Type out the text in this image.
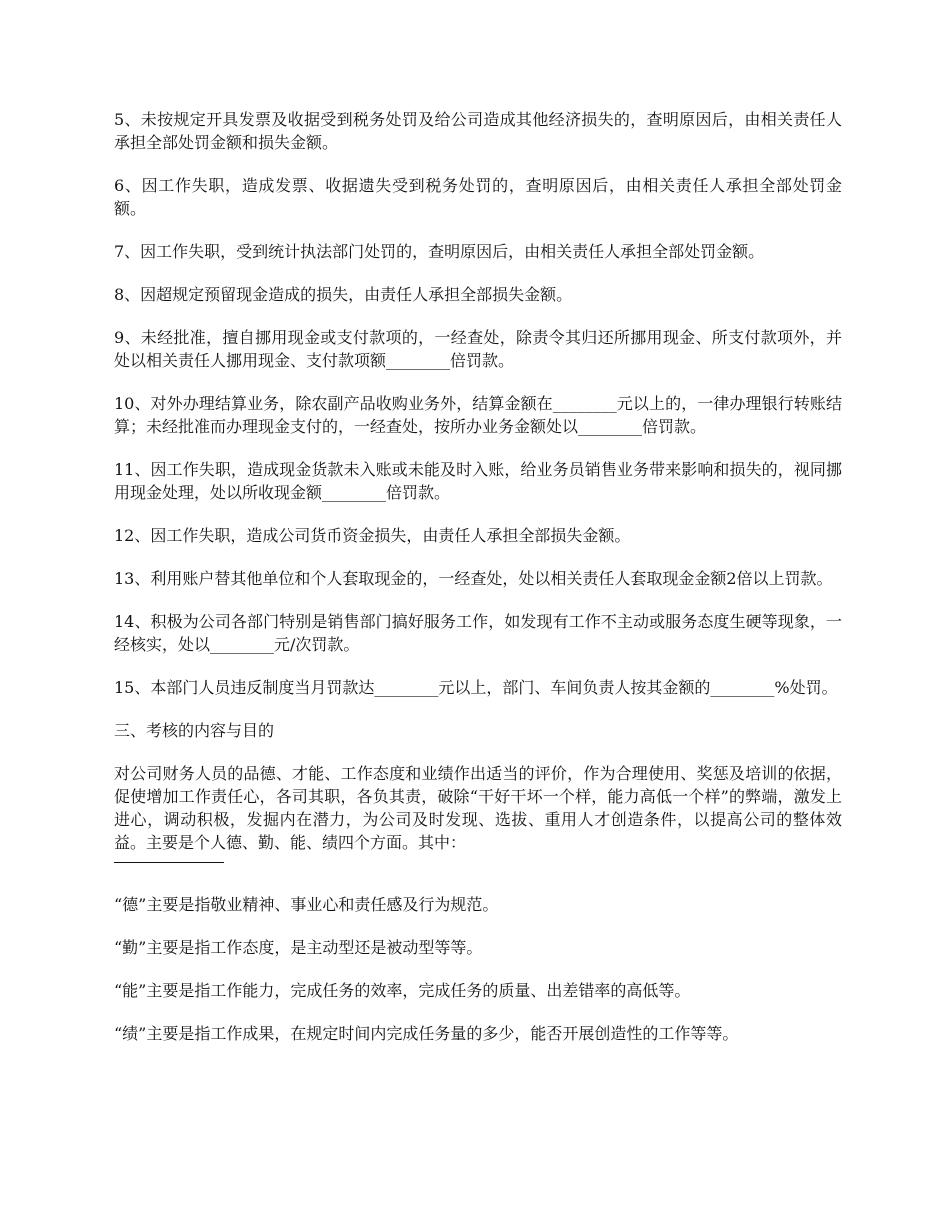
5、未按规定开具发票及收据受到税务处罚及给公司造成其他经济损失的，查明原因后，由相关责任人承担全部处罚金额和损失金额。

6、因工作失职，造成发票、收据遗失受到税务处罚的，查明原因后，由相关责任人承担全部处罚金额。

7、因工作失职，受到统计执法部门处罚的，查明原因后，由相关责任人承担全部处罚金额。

8、因超规定预留现金造成的损失，由责任人承担全部损失金额。

9、未经批准，擅自挪用现金或支付款项的，一经查处，除责令其归还所挪用现金、所支付款项外，并处以相关责任人挪用现金、支付款项额________倍罚款。

10、对外办理结算业务，除农副产品收购业务外，结算金额在________元以上的，一律办理银行转账结算；未经批准而办理现金支付的，一经查处，按所办业务金额处以________倍罚款。

11、因工作失职，造成现金货款未入账或未能及时入账，给业务员销售业务带来影响和损失的，视同挪用现金处理，处以所收现金额________倍罚款。

12、因工作失职，造成公司货币资金损失，由责任人承担全部损失金额。

13、利用账户替其他单位和个人套取现金的，一经查处，处以相关责任人套取现金金额2倍以上罚款。

14、积极为公司各部门特别是销售部门搞好服务工作，如发现有工作不主动或服务态度生硬等现象，一经核实，处以________元/次罚款。

15、本部门人员违反制度当月罚款达________元以上，部门、车间负责人按其金额的________%处罚。

三、考核的内容与目的

对公司财务人员的品德、才能、工作态度和业绩作出适当的评价，作为合理使用、奖惩及培训的依据，促使增加工作责任心，各司其职，各负其责，破除“干好干坏一个样，能力高低一个样”的弊端，激发上进心，调动积极，发掘内在潜力，为公司及时发现、选拔、重用人才创造条件，以提高公司的整体效益。主要是个人德、勤、能、绩四个方面。其中：

“德”主要是指敬业精神、事业心和责任感及行为规范。

“勤”主要是指工作态度，是主动型还是被动型等等。

“能”主要是指工作能力，完成任务的效率，完成任务的质量、出差错率的高低等。

“绩”主要是指工作成果，在规定时间内完成任务量的多少，能否开展创造性的工作等等。
